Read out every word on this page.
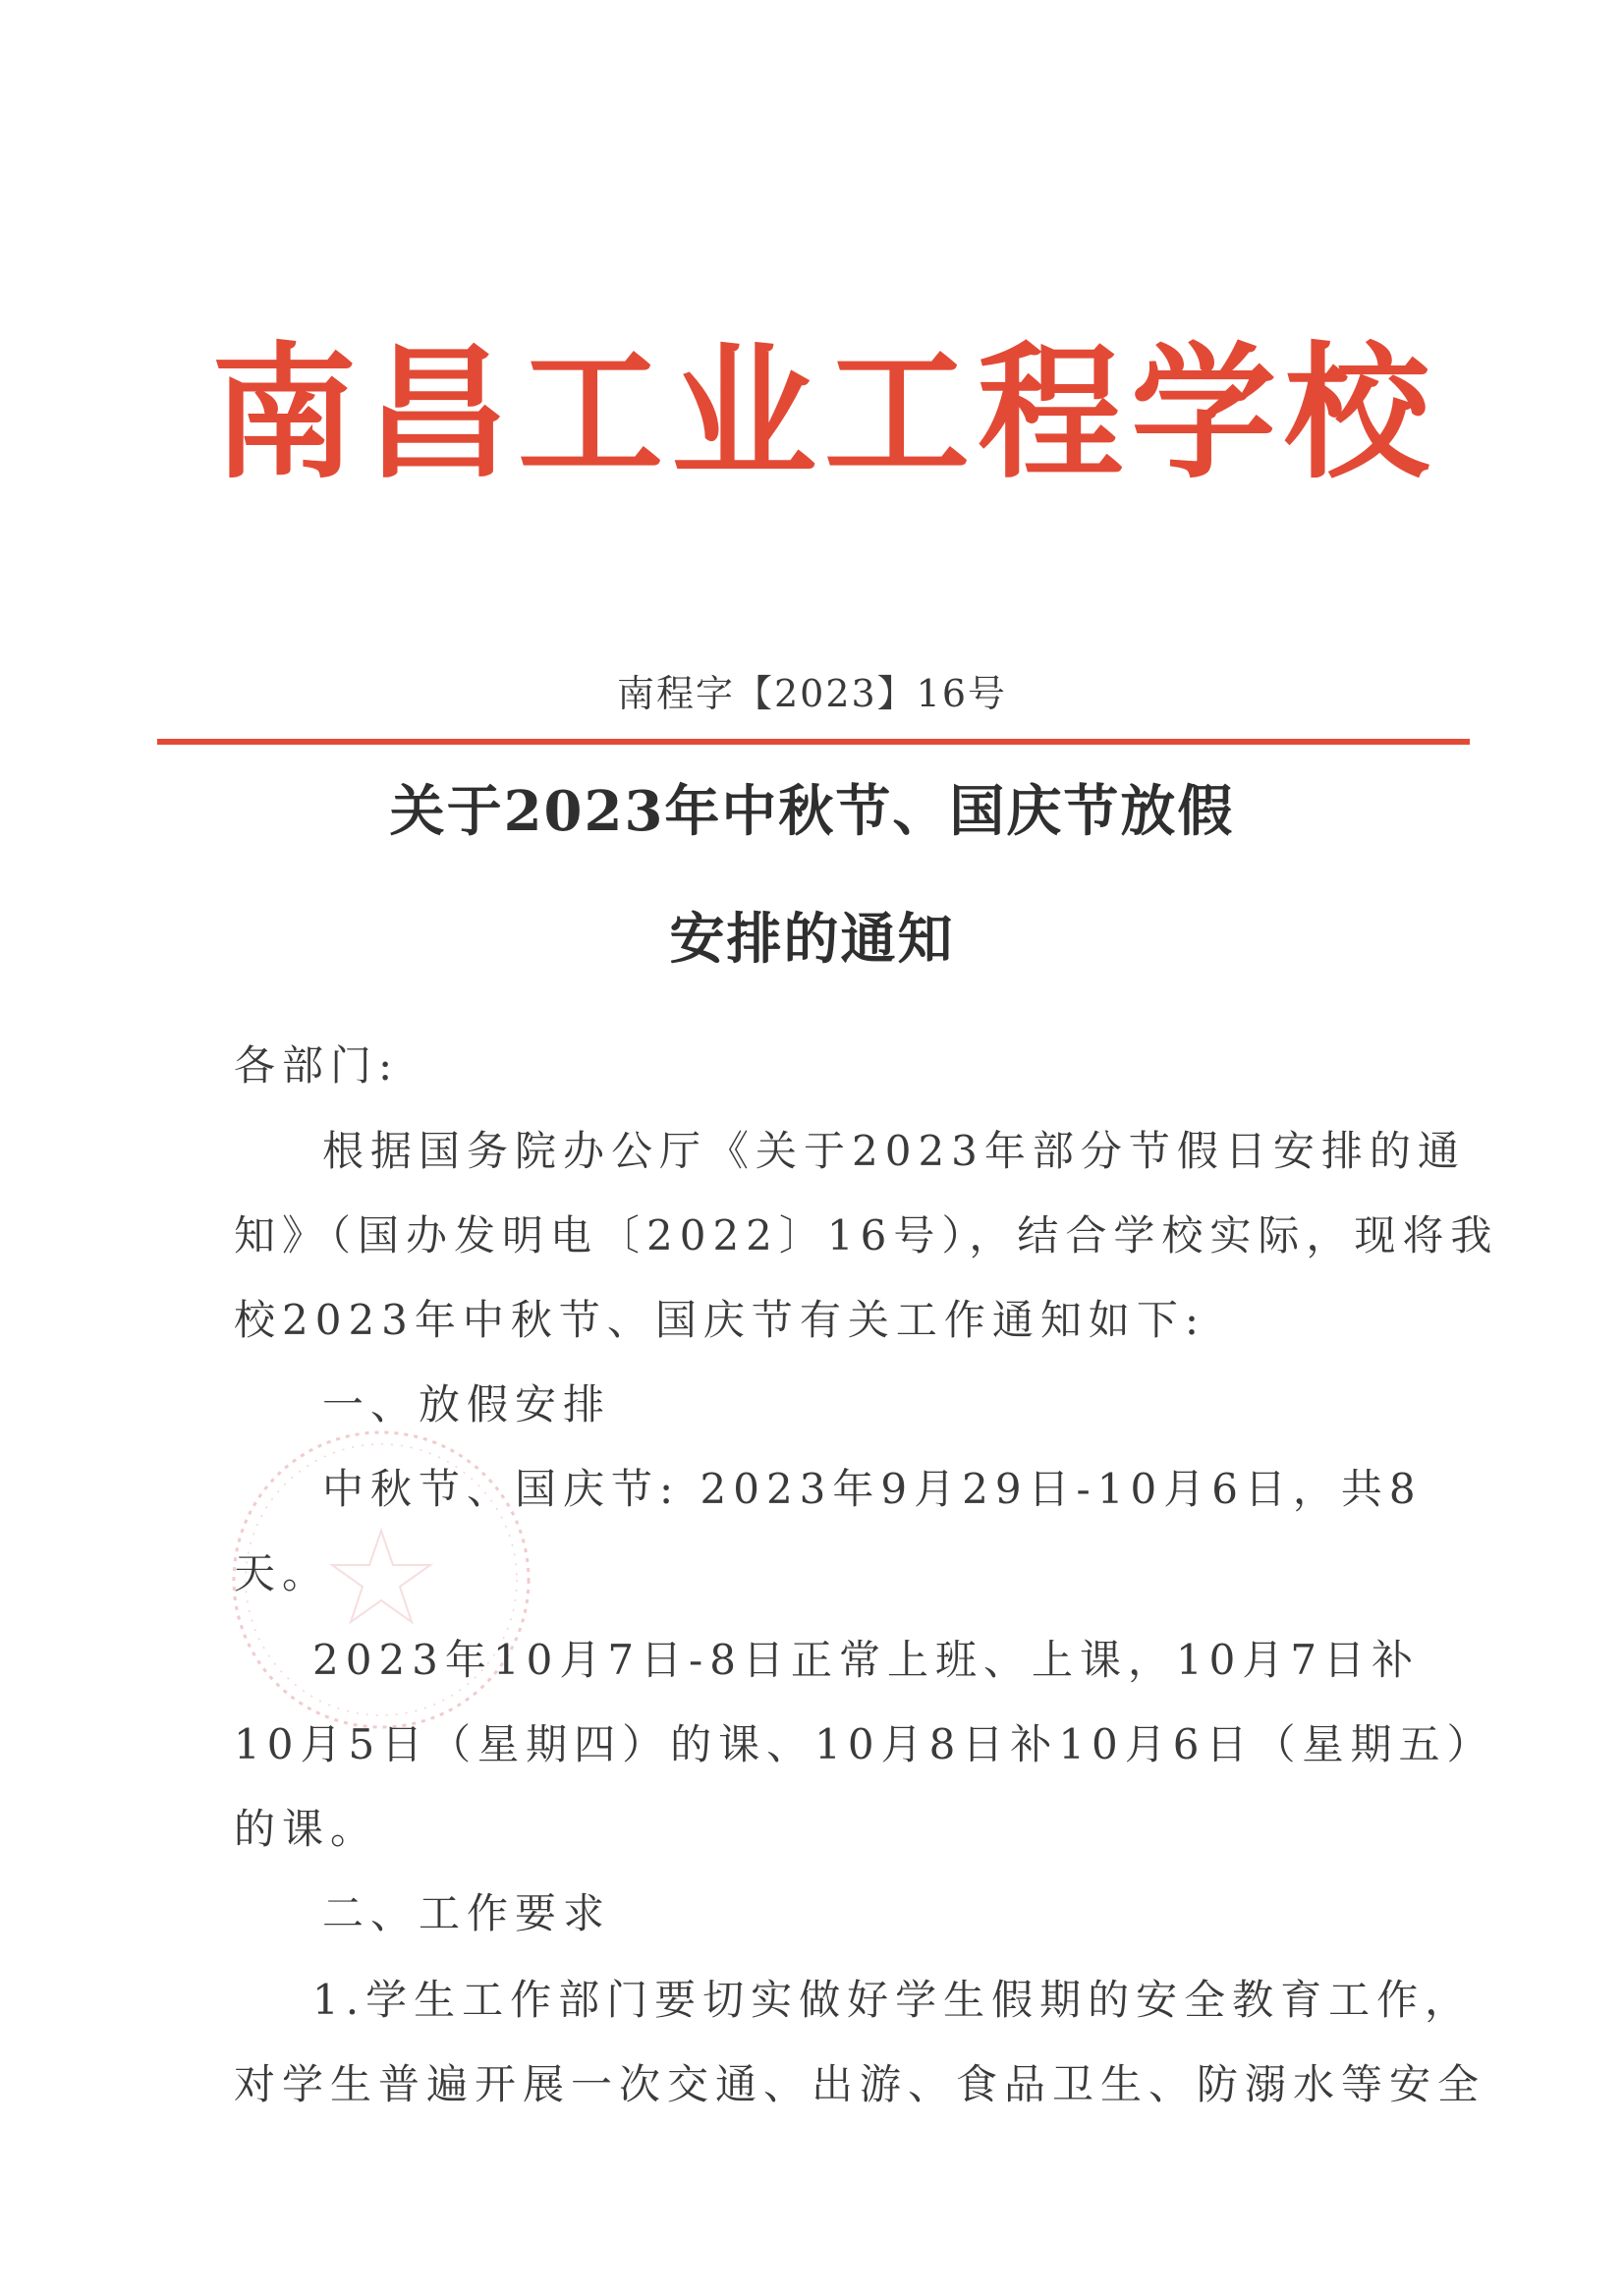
南昌工业工程学校
南程字【2023】16号
关于2023年中秋节、国庆节放假
安排的通知
各部门:
根据国务院办公厅《关于2023年部分节假日安排的通
知》（国办发明电〔2022〕16号），结合学校实际，现将我
校2023年中秋节、国庆节有关工作通知如下:
一、放假安排
中秋节、国庆节: 2023年9月29日-10月6日，共8
天。
2023年10月7日-8日正常上班、上课，10月7日补
10月5日（星期四）的课、10月8日补10月6日（星期五）
的课。
二、工作要求
1.学生工作部门要切实做好学生假期的安全教育工作，
对学生普遍开展一次交通、出游、食品卫生、防溺水等安全
